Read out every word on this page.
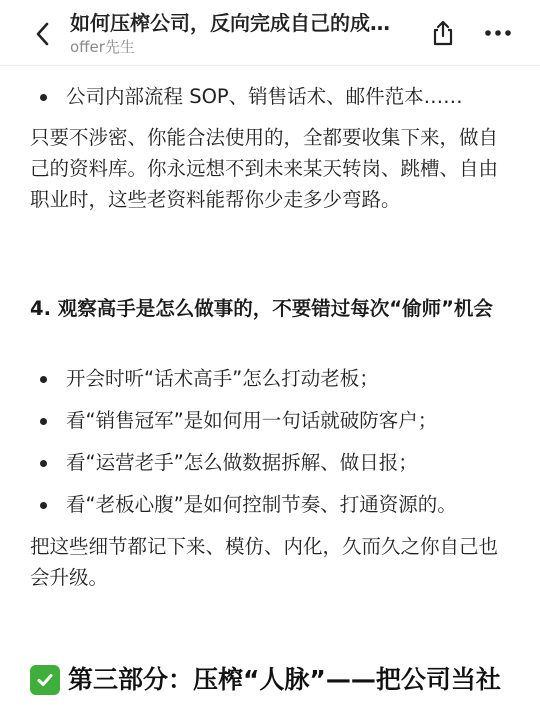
如何压榨公司，反向完成自己的成…
offer先生
公司内部流程 SOP、销售话术、邮件范本……
只要不涉密、你能合法使用的，全都要收集下来，做自己的资料库。你永远想不到未来某天转岗、跳槽、自由职业时，这些老资料能帮你少走多少弯路。
4. 观察高手是怎么做事的，不要错过每次“偷师”机会
开会时听“话术高手”怎么打动老板；
看“销售冠军”是如何用一句话就破防客户；
看“运营老手”怎么做数据拆解、做日报；
看“老板心腹”是如何控制节奏、打通资源的。
把这些细节都记下来、模仿、内化，久而久之你自己也会升级。
第三部分：压榨“人脉”——把公司当社
